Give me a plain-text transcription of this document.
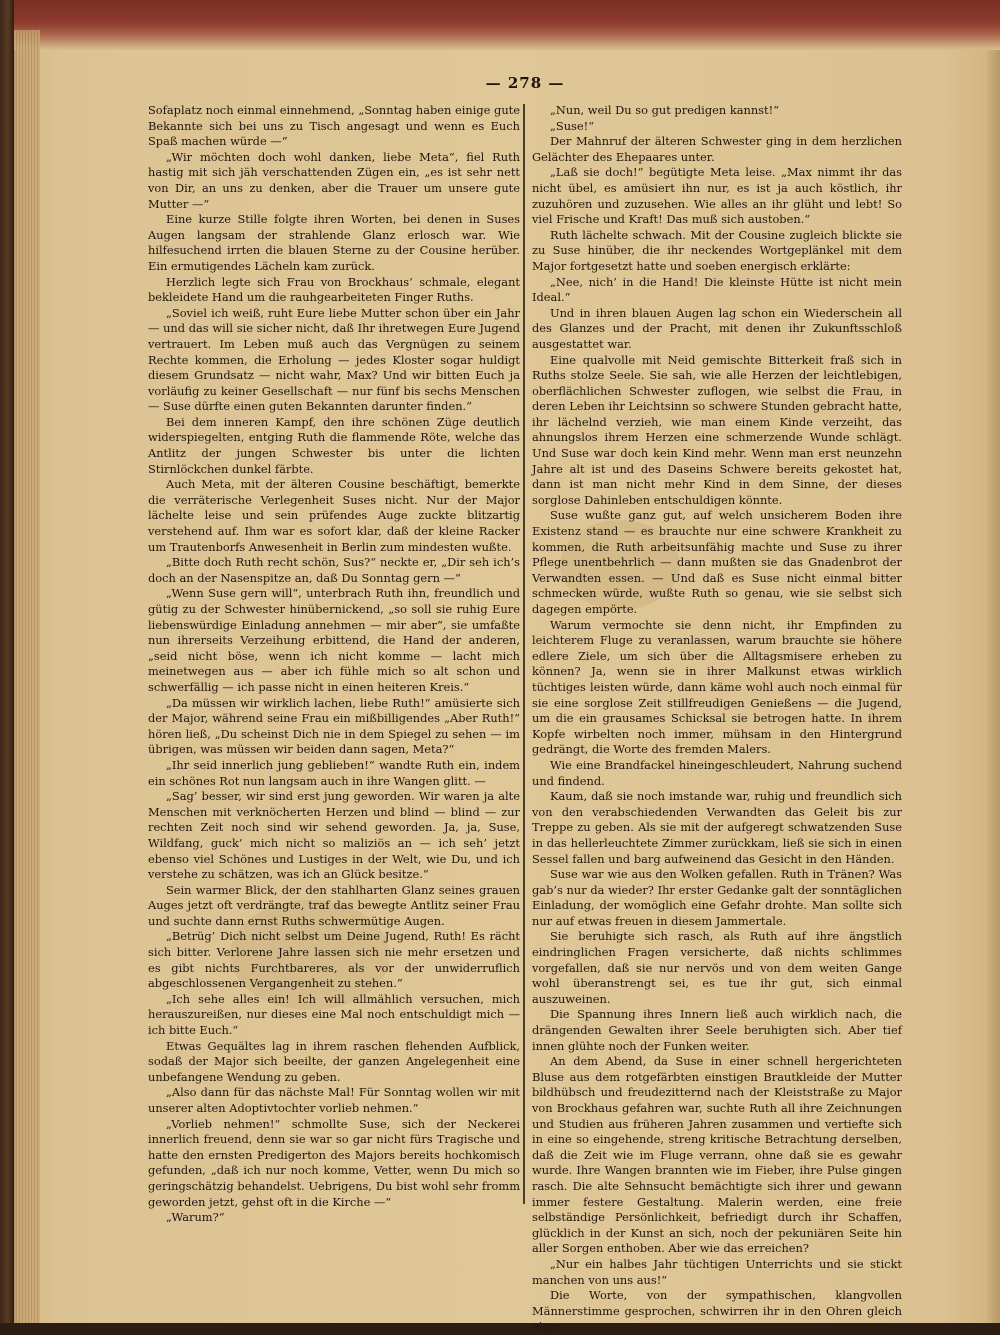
— 278 —

Sofaplatz noch einmal einnehmend, „Sonntag haben einige gute Bekannte sich bei uns zu Tisch angesagt und wenn es Euch Spaß machen würde —“

„Wir möchten doch wohl danken, liebe Meta“, fiel Ruth hastig mit sich jäh verschattenden Zügen ein, „es ist sehr nett von Dir, an uns zu denken, aber die Trauer um unsere gute Mutter —“

Eine kurze Stille folgte ihren Worten, bei denen in Suses Augen langsam der strahlende Glanz erlosch war. Wie hilfesuchend irrten die blauen Sterne zu der Cousine herüber. Ein ermutigendes Lächeln kam zurück.

Herzlich legte sich Frau von Brockhaus’ schmale, elegant bekleidete Hand um die rauhgearbeiteten Finger Ruths.

„Soviel ich weiß, ruht Eure liebe Mutter schon über ein Jahr — und das will sie sicher nicht, daß Ihr ihretwegen Eure Jugend vertrauert. Im Leben muß auch das Vergnügen zu seinem Rechte kommen, die Erholung — jedes Kloster sogar huldigt diesem Grundsatz — nicht wahr, Max? Und wir bitten Euch ja vorläufig zu keiner Gesellschaft — nur fünf bis sechs Menschen — Suse dürfte einen guten Bekannten darunter finden.“

Bei dem inneren Kampf, den ihre schönen Züge deutlich widerspiegelten, entging Ruth die flammende Röte, welche das Antlitz der jungen Schwester bis unter die lichten Stirnlöckchen dunkel färbte.

Auch Meta, mit der älteren Cousine beschäftigt, bemerkte die verräterische Verlegenheit Suses nicht. Nur der Major lächelte leise und sein prüfendes Auge zuckte blitzartig verstehend auf. Ihm war es sofort klar, daß der kleine Racker um Trautenborfs Anwesenheit in Berlin zum mindesten wußte.

„Bitte doch Ruth recht schön, Sus?“ neckte er, „Dir seh ich’s doch an der Nasenspitze an, daß Du Sonntag gern —“

„Wenn Suse gern will“, unterbrach Ruth ihn, freundlich und gütig zu der Schwester hinübernickend, „so soll sie ruhig Eure liebenswürdige Einladung annehmen — mir aber“, sie umfaßte nun ihrerseits Verzeihung erbittend, die Hand der anderen, „seid nicht böse, wenn ich nicht komme — lacht mich meinetwegen aus — aber ich fühle mich so alt schon und schwerfällig — ich passe nicht in einen heiteren Kreis.“

„Da müssen wir wirklich lachen, liebe Ruth!“ amüsierte sich der Major, während seine Frau ein mißbilligendes „Aber Ruth!“ hören ließ, „Du scheinst Dich nie in dem Spiegel zu sehen — im übrigen, was müssen wir beiden dann sagen, Meta?“

„Ihr seid innerlich jung geblieben!“ wandte Ruth ein, indem ein schönes Rot nun langsam auch in ihre Wangen glitt. —

„Sag’ besser, wir sind erst jung geworden. Wir waren ja alte Menschen mit verknöcherten Herzen und blind — blind — zur rechten Zeit noch sind wir sehend geworden. Ja, ja, Suse, Wildfang, guck’ mich nicht so maliziös an — ich seh’ jetzt ebenso viel Schönes und Lustiges in der Welt, wie Du, und ich verstehe zu schätzen, was ich an Glück besitze.“

Sein warmer Blick, der den stahlharten Glanz seines grauen Auges jetzt oft verdrängte, traf das bewegte Antlitz seiner Frau und suchte dann ernst Ruths schwermütige Augen.

„Betrüg’ Dich nicht selbst um Deine Jugend, Ruth! Es rächt sich bitter. Verlorene Jahre lassen sich nie mehr ersetzen und es gibt nichts Furchtbareres, als vor der unwiderruflich abgeschlossenen Vergangenheit zu stehen.“

„Ich sehe alles ein! Ich will allmählich versuchen, mich herauszureißen, nur dieses eine Mal noch entschuldigt mich — ich bitte Euch.“

Etwas Gequältes lag in ihrem raschen flehenden Aufblick, sodaß der Major sich beeilte, der ganzen Angelegenheit eine unbefangene Wendung zu geben.

„Also dann für das nächste Mal! Für Sonntag wollen wir mit unserer alten Adoptivtochter vorlieb nehmen.“

„Vorlieb nehmen!“ schmollte Suse, sich der Neckerei innerlich freuend, denn sie war so gar nicht fürs Tragische und hatte den ernsten Predigerton des Majors bereits hochkomisch gefunden, „daß ich nur noch komme, Vetter, wenn Du mich so geringschätzig behandelst. Uebrigens, Du bist wohl sehr fromm geworden jetzt, gehst oft in die Kirche —“

„Warum?“

„Nun, weil Du so gut predigen kannst!“

„Suse!“

Der Mahnruf der älteren Schwester ging in dem herzlichen Gelächter des Ehepaares unter.

„Laß sie doch!“ begütigte Meta leise. „Max nimmt ihr das nicht übel, es amüsiert ihn nur, es ist ja auch köstlich, ihr zuzuhören und zuzusehen. Wie alles an ihr glüht und lebt! So viel Frische und Kraft! Das muß sich austoben.“

Ruth lächelte schwach. Mit der Cousine zugleich blickte sie zu Suse hinüber, die ihr neckendes Wortgeplänkel mit dem Major fortgesetzt hatte und soeben energisch erklärte:

„Nee, nich’ in die Hand! Die kleinste Hütte ist nicht mein Ideal.“

Und in ihren blauen Augen lag schon ein Wiederschein all des Glanzes und der Pracht, mit denen ihr Zukunftsschloß ausgestattet war.

Eine qualvolle mit Neid gemischte Bitterkeit fraß sich in Ruths stolze Seele. Sie sah, wie alle Herzen der leichtlebigen, oberflächlichen Schwester zuflogen, wie selbst die Frau, in deren Leben ihr Leichtsinn so schwere Stunden gebracht hatte, ihr lächelnd verzieh, wie man einem Kinde verzeiht, das ahnungslos ihrem Herzen eine schmerzende Wunde schlägt. Und Suse war doch kein Kind mehr. Wenn man erst neunzehn Jahre alt ist und des Daseins Schwere bereits gekostet hat, dann ist man nicht mehr Kind in dem Sinne, der dieses sorglose Dahinleben entschuldigen könnte.

Suse wußte ganz gut, auf welch unsicherem Boden ihre Existenz stand — es brauchte nur eine schwere Krankheit zu kommen, die Ruth arbeitsunfähig machte und Suse zu ihrer Pflege unentbehrlich — dann mußten sie das Gnadenbrot der Verwandten essen. — Und daß es Suse nicht einmal bitter schmecken würde, wußte Ruth so genau, wie sie selbst sich dagegen empörte.

Warum vermochte sie denn nicht, ihr Empfinden zu leichterem Fluge zu veranlassen, warum brauchte sie höhere edlere Ziele, um sich über die Alltagsmisere erheben zu können? Ja, wenn sie in ihrer Malkunst etwas wirklich tüchtiges leisten würde, dann käme wohl auch noch einmal für sie eine sorglose Zeit stillfreudigen Genießens — die Jugend, um die ein grausames Schicksal sie betrogen hatte. In ihrem Kopfe wirbelten noch immer, mühsam in den Hintergrund gedrängt, die Worte des fremden Malers.

Wie eine Brandfackel hineingeschleudert, Nahrung suchend und findend.

Kaum, daß sie noch imstande war, ruhig und freundlich sich von den verabschiedenden Verwandten das Geleit bis zur Treppe zu geben. Als sie mit der aufgeregt schwatzenden Suse in das hellerleuchtete Zimmer zurückkam, ließ sie sich in einen Sessel fallen und barg aufweinend das Gesicht in den Händen.

Suse war wie aus den Wolken gefallen. Ruth in Tränen? Was gab’s nur da wieder? Ihr erster Gedanke galt der sonntäglichen Einladung, der womöglich eine Gefahr drohte. Man sollte sich nur auf etwas freuen in diesem Jammertale.

Sie beruhigte sich rasch, als Ruth auf ihre ängstlich eindringlichen Fragen versicherte, daß nichts schlimmes vorgefallen, daß sie nur nervös und von dem weiten Gange wohl überanstrengt sei, es tue ihr gut, sich einmal auszuweinen.

Die Spannung ihres Innern ließ auch wirklich nach, die drängenden Gewalten ihrer Seele beruhigten sich. Aber tief innen glühte noch der Funken weiter.

An dem Abend, da Suse in einer schnell hergerichteten Bluse aus dem rotgefärbten einstigen Brautkleide der Mutter bildhübsch und freudezitternd nach der Kleiststraße zu Major von Brockhaus gefahren war, suchte Ruth all ihre Zeichnungen und Studien aus früheren Jahren zusammen und vertiefte sich in eine so eingehende, streng kritische Betrachtung derselben, daß die Zeit wie im Fluge verrann, ohne daß sie es gewahr wurde. Ihre Wangen brannten wie im Fieber, ihre Pulse gingen rasch. Die alte Sehnsucht bemächtigte sich ihrer und gewann immer festere Gestaltung. Malerin werden, eine freie selbständige Persönlichkeit, befriedigt durch ihr Schaffen, glücklich in der Kunst an sich, noch der pekuniären Seite hin aller Sorgen enthoben. Aber wie das erreichen?

„Nur ein halbes Jahr tüchtigen Unterrichts und sie stickt manchen von uns aus!“

Die Worte, von der sympathischen, klangvollen Männerstimme gesprochen, schwirren ihr in den Ohren gleich einer
